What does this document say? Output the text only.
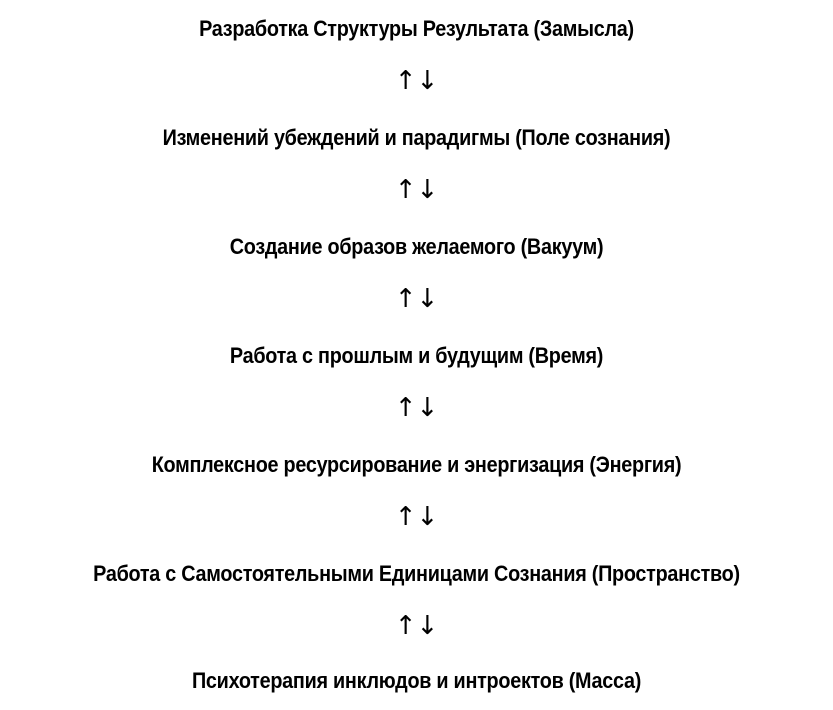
Разработка Структуры Результата (Замысла)
↑↓
Изменений убеждений и парадигмы (Поле сознания)
↑↓
Создание образов желаемого (Вакуум)
↑↓
Работа с прошлым и будущим (Время)
↑↓
Комплексное ресурсирование и энергизация (Энергия)
↑↓
Работа с Самостоятельными Единицами Сознания (Пространство)
↑↓
Психотерапия инклюдов и интроектов (Масса)
